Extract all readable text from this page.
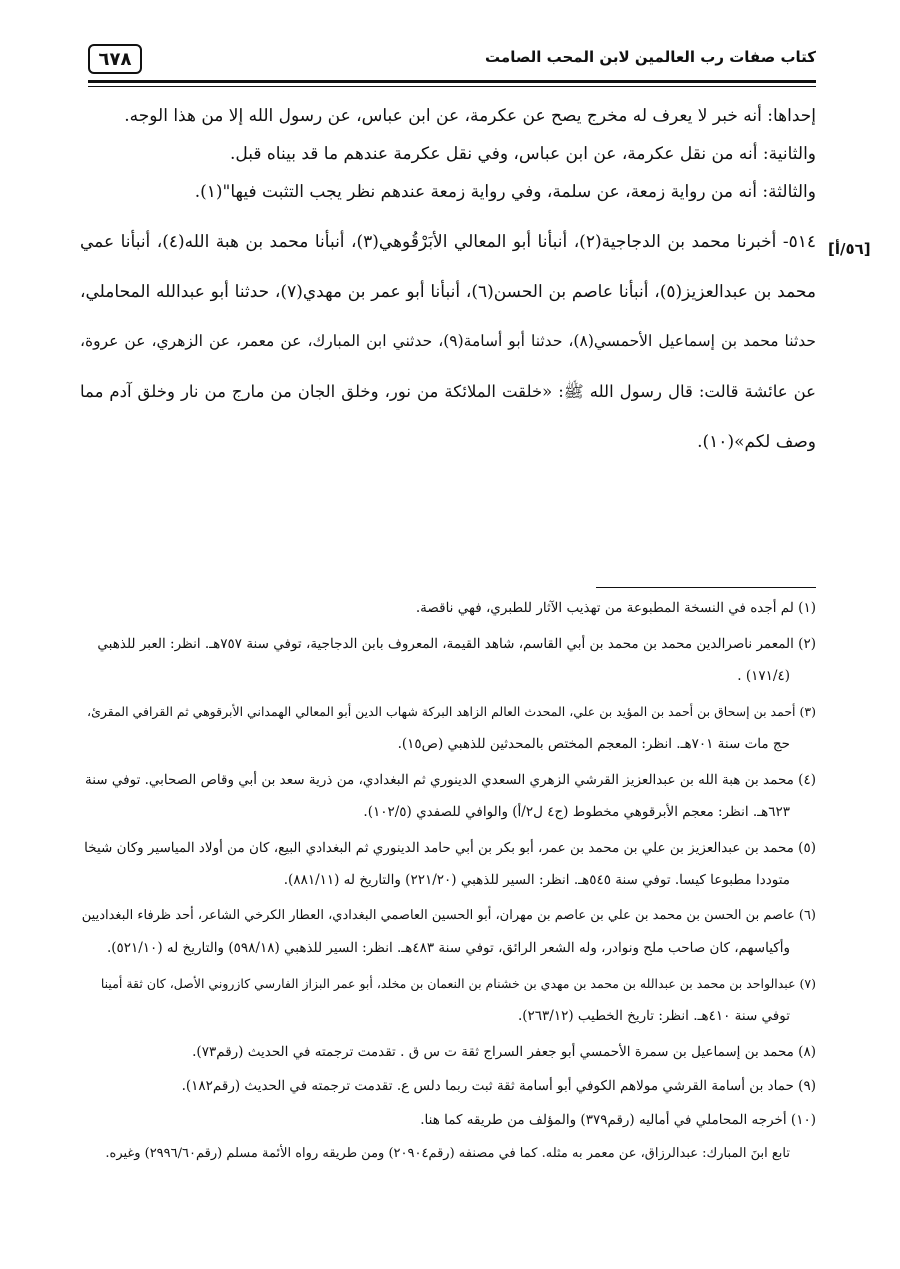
٦٧٨	كتاب صفات رب العالمين لابن المحب الصامت
[٥٦/أ]
إحداها: أنه خبر لا يعرف له مخرج يصح عن عكرمة، عن ابن عباس، عن رسول الله إلا من هذا الوجه.
والثانية: أنه من نقل عكرمة، عن ابن عباس، وفي نقل عكرمة عندهم ما قد بيناه قبل.
والثالثة: أنه من رواية زمعة، عن سلمة، وفي رواية زمعة عندهم نظر يجب التثبت فيها"(١).
٥١٤- أخبرنا محمد بن الدجاجية(٢)، أنبأنا أبو المعالي الأبَرْقُوهي(٣)، أنبأنا محمد بن هبة الله(٤)، أنبأنا عمي
محمد بن عبدالعزيز(٥)، أنبأنا عاصم بن الحسن(٦)، أنبأنا أبو عمر بن مهدي(٧)، حدثنا أبو عبدالله المحاملي،
حدثنا محمد بن إسماعيل الأحمسي(٨)، حدثنا أبو أسامة(٩)، حدثني ابن المبارك، عن معمر، عن الزهري، عن عروة،
عن عائشة قالت: قال رسول الله ﷺ: «خلقت الملائكة من نور، وخلق الجان من مارج من نار وخلق آدم مما
وصف لكم»(١٠).
(١) لم أجده في النسخة المطبوعة من تهذيب الآثار للطبري، فهي ناقصة.
(٢) المعمر ناصرالدين محمد بن محمد بن أبي القاسم، شاهد القيمة، المعروف بابن الدجاجية، توفي سنة ٧٥٧هـ. انظر: العبر للذهبي
(١٧١/٤) .
(٣) أحمد بن إسحاق بن أحمد بن المؤيد بن علي، المحدث العالم الزاهد البركة شهاب الدين أبو المعالي الهمداني الأبرقوهي ثم القرافي المقرئ،
حج مات سنة ٧٠١هـ. انظر: المعجم المختص بالمحدثين للذهبي (ص١٥).
(٤) محمد بن هبة الله بن عبدالعزيز القرشي الزهري السعدي الدينوري ثم البغدادي، من ذرية سعد بن أبي وقاص الصحابي. توفي سنة
٦٢٣هـ. انظر: معجم الأبرقوهي مخطوط (ج٤ ل٢/أ) والوافي للصفدي (١٠٢/٥).
(٥) محمد بن عبدالعزيز بن علي بن محمد بن عمر، أبو بكر بن أبي حامد الدينوري ثم البغدادي البيع، كان من أولاد المياسير وكان شيخا
متوددا مطبوعا كيسا. توفي سنة ٥٤٥هـ. انظر: السير للذهبي (٢٢١/٢٠) والتاريخ له (٨٨١/١١).
(٦) عاصم بن الحسن بن محمد بن علي بن عاصم بن مهران، أبو الحسين العاصمي البغدادي، العطار الكرخي الشاعر، أحد ظرفاء البغداديين
وأكياسهم، كان صاحب ملح ونوادر، وله الشعر الرائق، توفي سنة ٤٨٣هـ. انظر: السير للذهبي (٥٩٨/١٨) والتاريخ له (٥٢١/١٠).
(٧) عبدالواحد بن محمد بن عبدالله بن محمد بن مهدي بن خشنام بن النعمان بن مخلد، أبو عمر البزاز الفارسي كازروني الأصل، كان ثقة أمينا
توفي سنة ٤١٠هـ. انظر: تاريخ الخطيب (٢٦٣/١٢).
(٨) محمد بن إسماعيل بن سمرة الأحمسي أبو جعفر السراج ثقة ت س ق . تقدمت ترجمته في الحديث (رقم٧٣).
(٩) حماد بن أسامة القرشي مولاهم الكوفي أبو أسامة ثقة ثبت ربما دلس ع. تقدمت ترجمته في الحديث (رقم١٨٢).
(١٠) أخرجه المحاملي في أماليه (رقم٣٧٩) والمؤلف من طريقه كما هنا.
تابع ابنَ المبارك: عبدالرزاق، عن معمر به مثله. كما في مصنفه (رقم٢٠٩٠٤) ومن طريقه رواه الأئمة مسلم (رقم٢٩٩٦/٦٠) وغيره.
